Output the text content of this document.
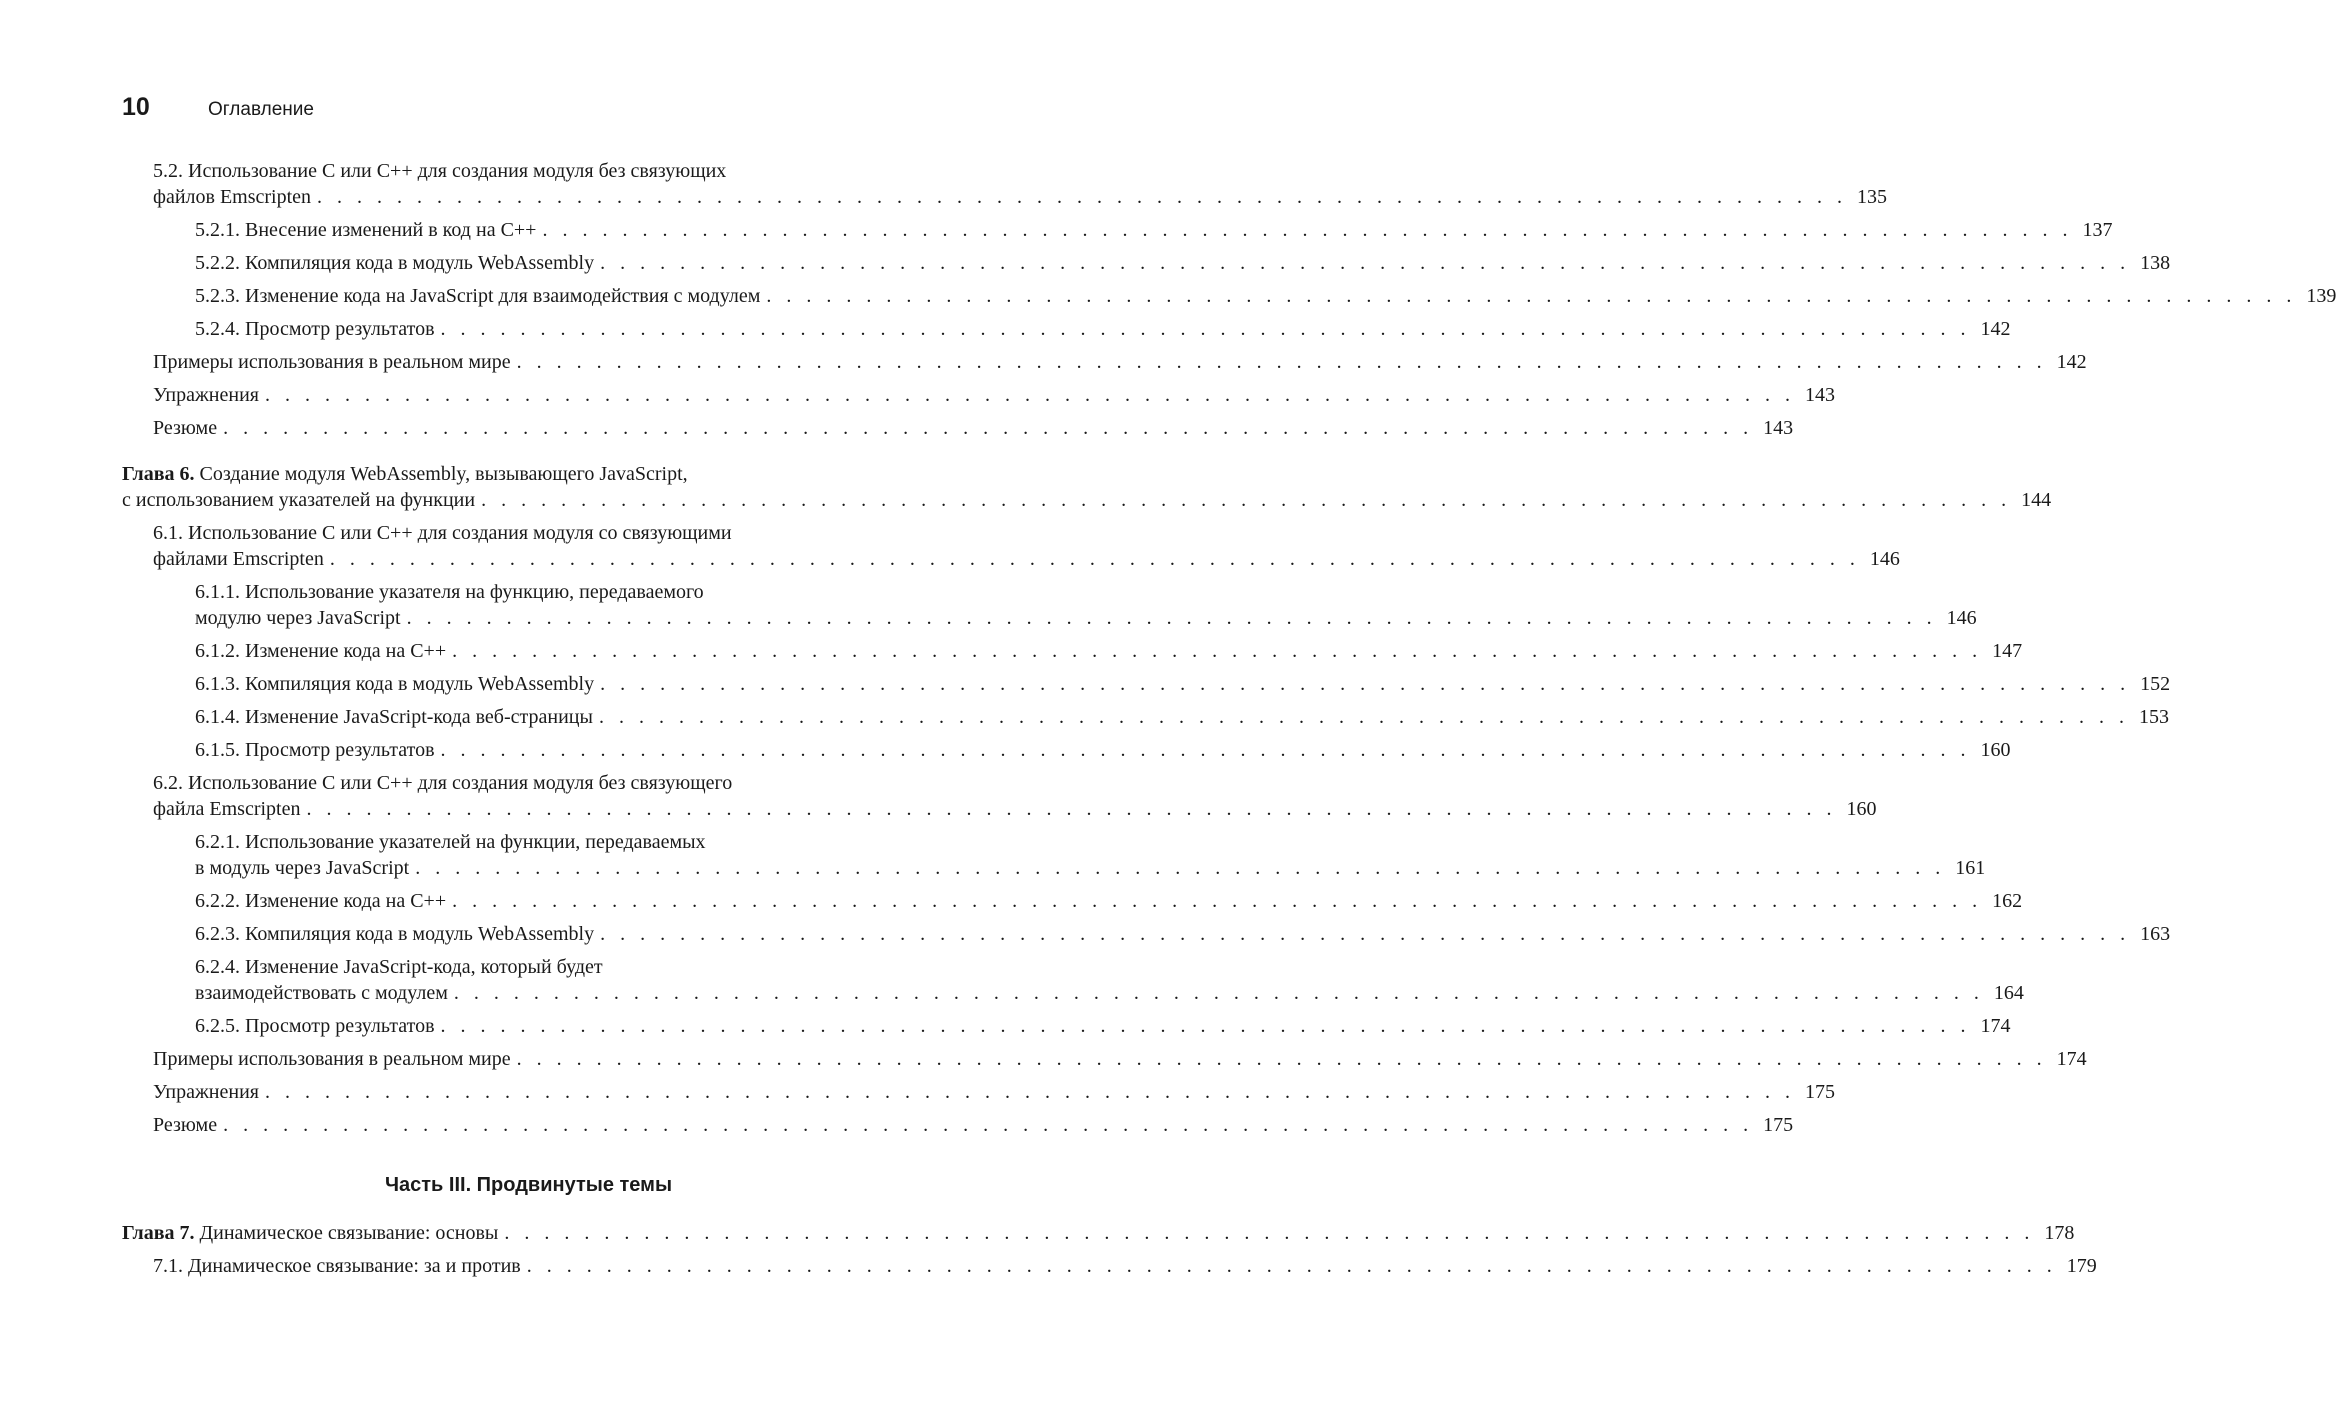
10	Оглавление
5.2. Использование C или C++ для создания модуля без связующих
файлов Emscripten . . . . . . . . . . . . . . . . . . . . . . . . . . . . . . . . . . . . . . . . . . . . . . . . . . . . . . . . . . . . . . . . . . . . . . . . . . . . . 135
5.2.1. Внесение изменений в код на C++ . . . . . . . . . . . . . . . . . . . . . . . . . . . . . . . . . . . . . . . . . . . . . . . . . . . . . . . . . . . . . . . . . . . . . . . . . . . . . 137
5.2.2. Компиляция кода в модуль WebAssembly . . . . . . . . . . . . . . . . . . . . . . . . . . . . . . . . . . . . . . . . . . . . . . . . . . . . . . . . . . . . . . . . . . . . . . . . . . . . . 138
5.2.3. Изменение кода на JavaScript для взаимодействия с модулем . . . . . . . . . . . . . . . . . . . . . . . . . . . . . . . . . . . . . . . . . . . . . . . . . . . . . . . . . . . . . . . . . . . . . . . . . . . . . 139
5.2.4. Просмотр результатов . . . . . . . . . . . . . . . . . . . . . . . . . . . . . . . . . . . . . . . . . . . . . . . . . . . . . . . . . . . . . . . . . . . . . . . . . . . . . 142
Примеры использования в реальном мире . . . . . . . . . . . . . . . . . . . . . . . . . . . . . . . . . . . . . . . . . . . . . . . . . . . . . . . . . . . . . . . . . . . . . . . . . . . . . 142
Упражнения . . . . . . . . . . . . . . . . . . . . . . . . . . . . . . . . . . . . . . . . . . . . . . . . . . . . . . . . . . . . . . . . . . . . . . . . . . . . . 143
Резюме . . . . . . . . . . . . . . . . . . . . . . . . . . . . . . . . . . . . . . . . . . . . . . . . . . . . . . . . . . . . . . . . . . . . . . . . . . . . . 143
Глава 6. Создание модуля WebAssembly, вызывающего JavaScript,
с использованием указателей на функции . . . . . . . . . . . . . . . . . . . . . . . . . . . . . . . . . . . . . . . . . . . . . . . . . . . . . . . . . . . . . . . . . . . . . . . . . . . . . 144
6.1. Использование C или C++ для создания модуля со связующими
файлами Emscripten . . . . . . . . . . . . . . . . . . . . . . . . . . . . . . . . . . . . . . . . . . . . . . . . . . . . . . . . . . . . . . . . . . . . . . . . . . . . . 146
6.1.1. Использование указателя на функцию, передаваемого
модулю через JavaScript . . . . . . . . . . . . . . . . . . . . . . . . . . . . . . . . . . . . . . . . . . . . . . . . . . . . . . . . . . . . . . . . . . . . . . . . . . . . . 146
6.1.2. Изменение кода на C++ . . . . . . . . . . . . . . . . . . . . . . . . . . . . . . . . . . . . . . . . . . . . . . . . . . . . . . . . . . . . . . . . . . . . . . . . . . . . . 147
6.1.3. Компиляция кода в модуль WebAssembly . . . . . . . . . . . . . . . . . . . . . . . . . . . . . . . . . . . . . . . . . . . . . . . . . . . . . . . . . . . . . . . . . . . . . . . . . . . . . 152
6.1.4. Изменение JavaScript-кода веб-страницы . . . . . . . . . . . . . . . . . . . . . . . . . . . . . . . . . . . . . . . . . . . . . . . . . . . . . . . . . . . . . . . . . . . . . . . . . . . . . 153
6.1.5. Просмотр результатов . . . . . . . . . . . . . . . . . . . . . . . . . . . . . . . . . . . . . . . . . . . . . . . . . . . . . . . . . . . . . . . . . . . . . . . . . . . . . 160
6.2. Использование C или C++ для создания модуля без связующего
файла Emscripten . . . . . . . . . . . . . . . . . . . . . . . . . . . . . . . . . . . . . . . . . . . . . . . . . . . . . . . . . . . . . . . . . . . . . . . . . . . . . 160
6.2.1. Использование указателей на функции, передаваемых
в модуль через JavaScript . . . . . . . . . . . . . . . . . . . . . . . . . . . . . . . . . . . . . . . . . . . . . . . . . . . . . . . . . . . . . . . . . . . . . . . . . . . . . 161
6.2.2. Изменение кода на C++ . . . . . . . . . . . . . . . . . . . . . . . . . . . . . . . . . . . . . . . . . . . . . . . . . . . . . . . . . . . . . . . . . . . . . . . . . . . . . 162
6.2.3. Компиляция кода в модуль WebAssembly . . . . . . . . . . . . . . . . . . . . . . . . . . . . . . . . . . . . . . . . . . . . . . . . . . . . . . . . . . . . . . . . . . . . . . . . . . . . . 163
6.2.4. Изменение JavaScript-кода, который будет
взаимодействовать с модулем . . . . . . . . . . . . . . . . . . . . . . . . . . . . . . . . . . . . . . . . . . . . . . . . . . . . . . . . . . . . . . . . . . . . . . . . . . . . . 164
6.2.5. Просмотр результатов . . . . . . . . . . . . . . . . . . . . . . . . . . . . . . . . . . . . . . . . . . . . . . . . . . . . . . . . . . . . . . . . . . . . . . . . . . . . . 174
Примеры использования в реальном мире . . . . . . . . . . . . . . . . . . . . . . . . . . . . . . . . . . . . . . . . . . . . . . . . . . . . . . . . . . . . . . . . . . . . . . . . . . . . . 174
Упражнения . . . . . . . . . . . . . . . . . . . . . . . . . . . . . . . . . . . . . . . . . . . . . . . . . . . . . . . . . . . . . . . . . . . . . . . . . . . . . 175
Резюме . . . . . . . . . . . . . . . . . . . . . . . . . . . . . . . . . . . . . . . . . . . . . . . . . . . . . . . . . . . . . . . . . . . . . . . . . . . . . 175
Часть III. Продвинутые темы
Глава 7. Динамическое связывание: основы . . . . . . . . . . . . . . . . . . . . . . . . . . . . . . . . . . . . . . . . . . . . . . . . . . . . . . . . . . . . . . . . . . . . . . . . . . . . . 178
7.1. Динамическое связывание: за и против . . . . . . . . . . . . . . . . . . . . . . . . . . . . . . . . . . . . . . . . . . . . . . . . . . . . . . . . . . . . . . . . . . . . . . . . . . . . . 179
